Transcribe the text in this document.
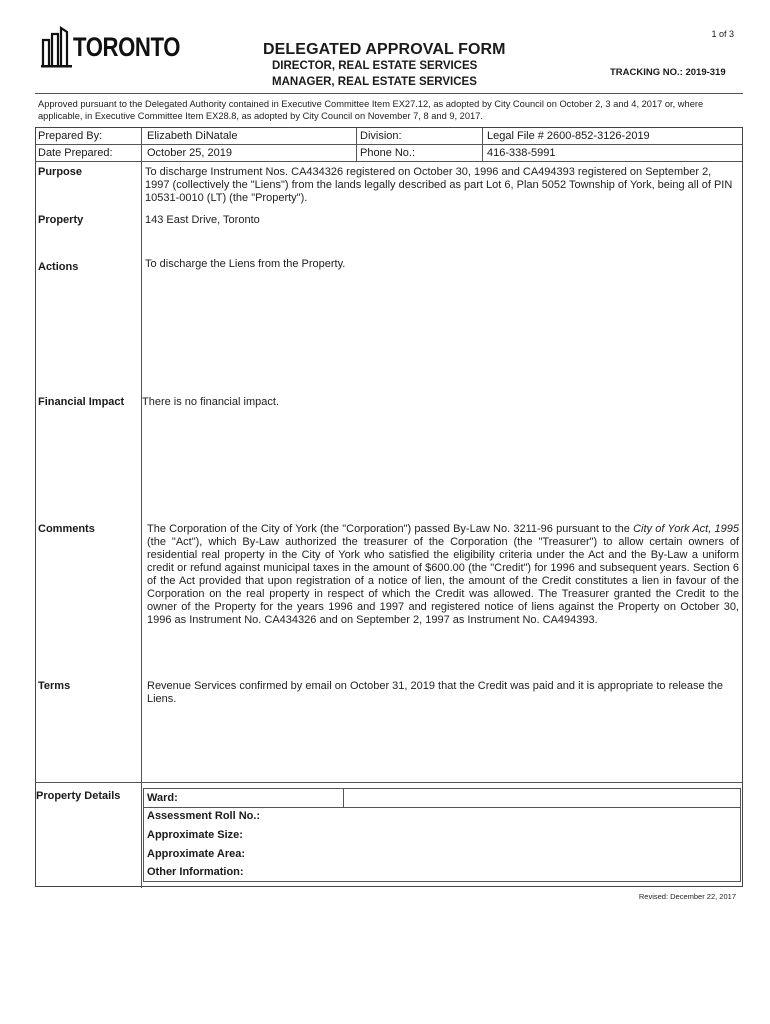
TORONTO	1 of 3
DELEGATED APPROVAL FORM
DIRECTOR, REAL ESTATE SERVICES
MANAGER, REAL ESTATE SERVICES
TRACKING NO.: 2019-319
Approved pursuant to the Delegated Authority contained in Executive Committee Item EX27.12, as adopted by City Council on October 2, 3 and 4, 2017 or, where applicable, in Executive Committee Item EX28.8, as adopted by City Council on November 7, 8 and 9, 2017.
Prepared By:	Elizabeth DiNatale	Division:	Legal File # 2600-852-3126-2019
Date Prepared:	October 25, 2019	Phone No.:	416-338-5991
Purpose	To discharge Instrument Nos. CA434326 registered on October 30, 1996 and CA494393 registered on September 2, 1997 (collectively the "Liens") from the lands legally described as part Lot 6, Plan 5052 Township of York, being all of PIN 10531-0010 (LT) (the "Property").
Property	143 East Drive, Toronto
Actions	To discharge the Liens from the Property.
Financial Impact There is no financial impact.
Comments	The Corporation of the City of York (the "Corporation") passed By-Law No. 3211-96 pursuant to the City of York Act, 1995 (the "Act"), which By-Law authorized the treasurer of the Corporation (the "Treasurer") to allow certain owners of residential real property in the City of York who satisfied the eligibility criteria under the Act and the By-Law a uniform credit or refund against municipal taxes in the amount of $600.00 (the "Credit") for 1996 and subsequent years. Section 6 of the Act provided that upon registration of a notice of lien, the amount of the Credit constitutes a lien in favour of the Corporation on the real property in respect of which the Credit was allowed. The Treasurer granted the Credit to the owner of the Property for the years 1996 and 1997 and registered notice of liens against the Property on October 30, 1996 as Instrument No. CA434326 and on September 2, 1997 as Instrument No. CA494393.
Terms	Revenue Services confirmed by email on October 31, 2019 that the Credit was paid and it is appropriate to release the Liens.
Property Details Ward:
Assessment Roll No.:
Approximate Size:
Approximate Area:
Other Information:
Revised: December 22, 2017
